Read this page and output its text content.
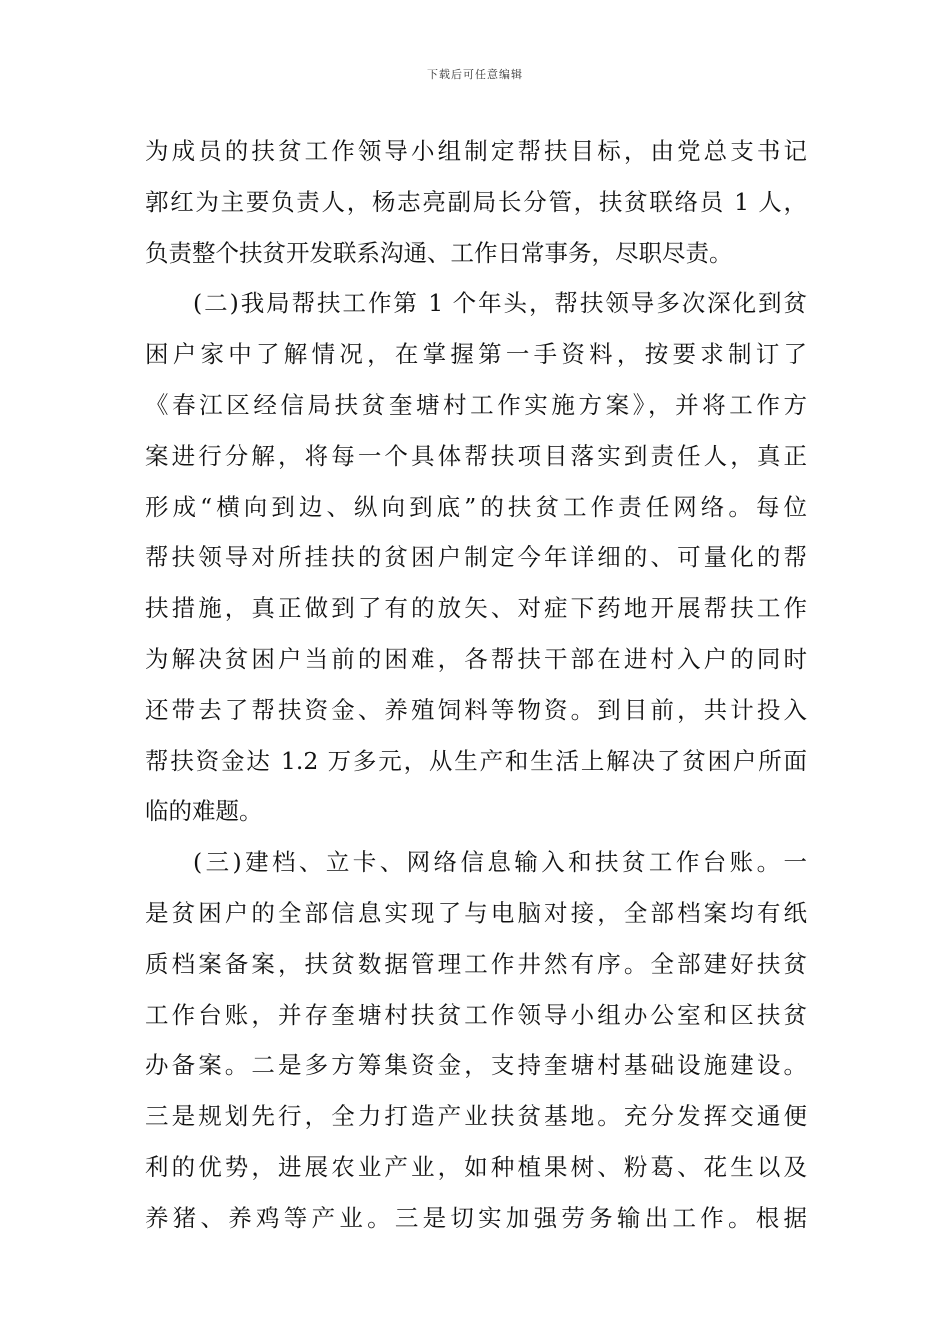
下载后可任意编辑
为成员的扶贫工作领导小组制定帮扶目标，由党总支书记
郭红为主要负责人，杨志亮副局长分管，扶贫联络员 1 人，
负责整个扶贫开发联系沟通、工作日常事务，尽职尽责。
(二)我局帮扶工作第 1 个年头，帮扶领导多次深化到贫
困户家中了解情况，在掌握第一手资料，按要求制订了
《春江区经信局扶贫奎塘村工作实施方案》，并将工作方
案进行分解，将每一个具体帮扶项目落实到责任人，真正
形成“横向到边、纵向到底”的扶贫工作责任网络。每位
帮扶领导对所挂扶的贫困户制定今年详细的、可量化的帮
扶措施，真正做到了有的放矢、对症下药地开展帮扶工作
为解决贫困户当前的困难，各帮扶干部在进村入户的同时
还带去了帮扶资金、养殖饲料等物资。到目前，共计投入
帮扶资金达 1.2 万多元，从生产和生活上解决了贫困户所面
临的难题。
(三)建档、立卡、网络信息输入和扶贫工作台账。一
是贫困户的全部信息实现了与电脑对接，全部档案均有纸
质档案备案，扶贫数据管理工作井然有序。全部建好扶贫
工作台账，并存奎塘村扶贫工作领导小组办公室和区扶贫
办备案。二是多方筹集资金，支持奎塘村基础设施建设。
三是规划先行，全力打造产业扶贫基地。充分发挥交通便
利的优势，进展农业产业，如种植果树、粉葛、花生以及
养猪、养鸡等产业。三是切实加强劳务输出工作。根据
